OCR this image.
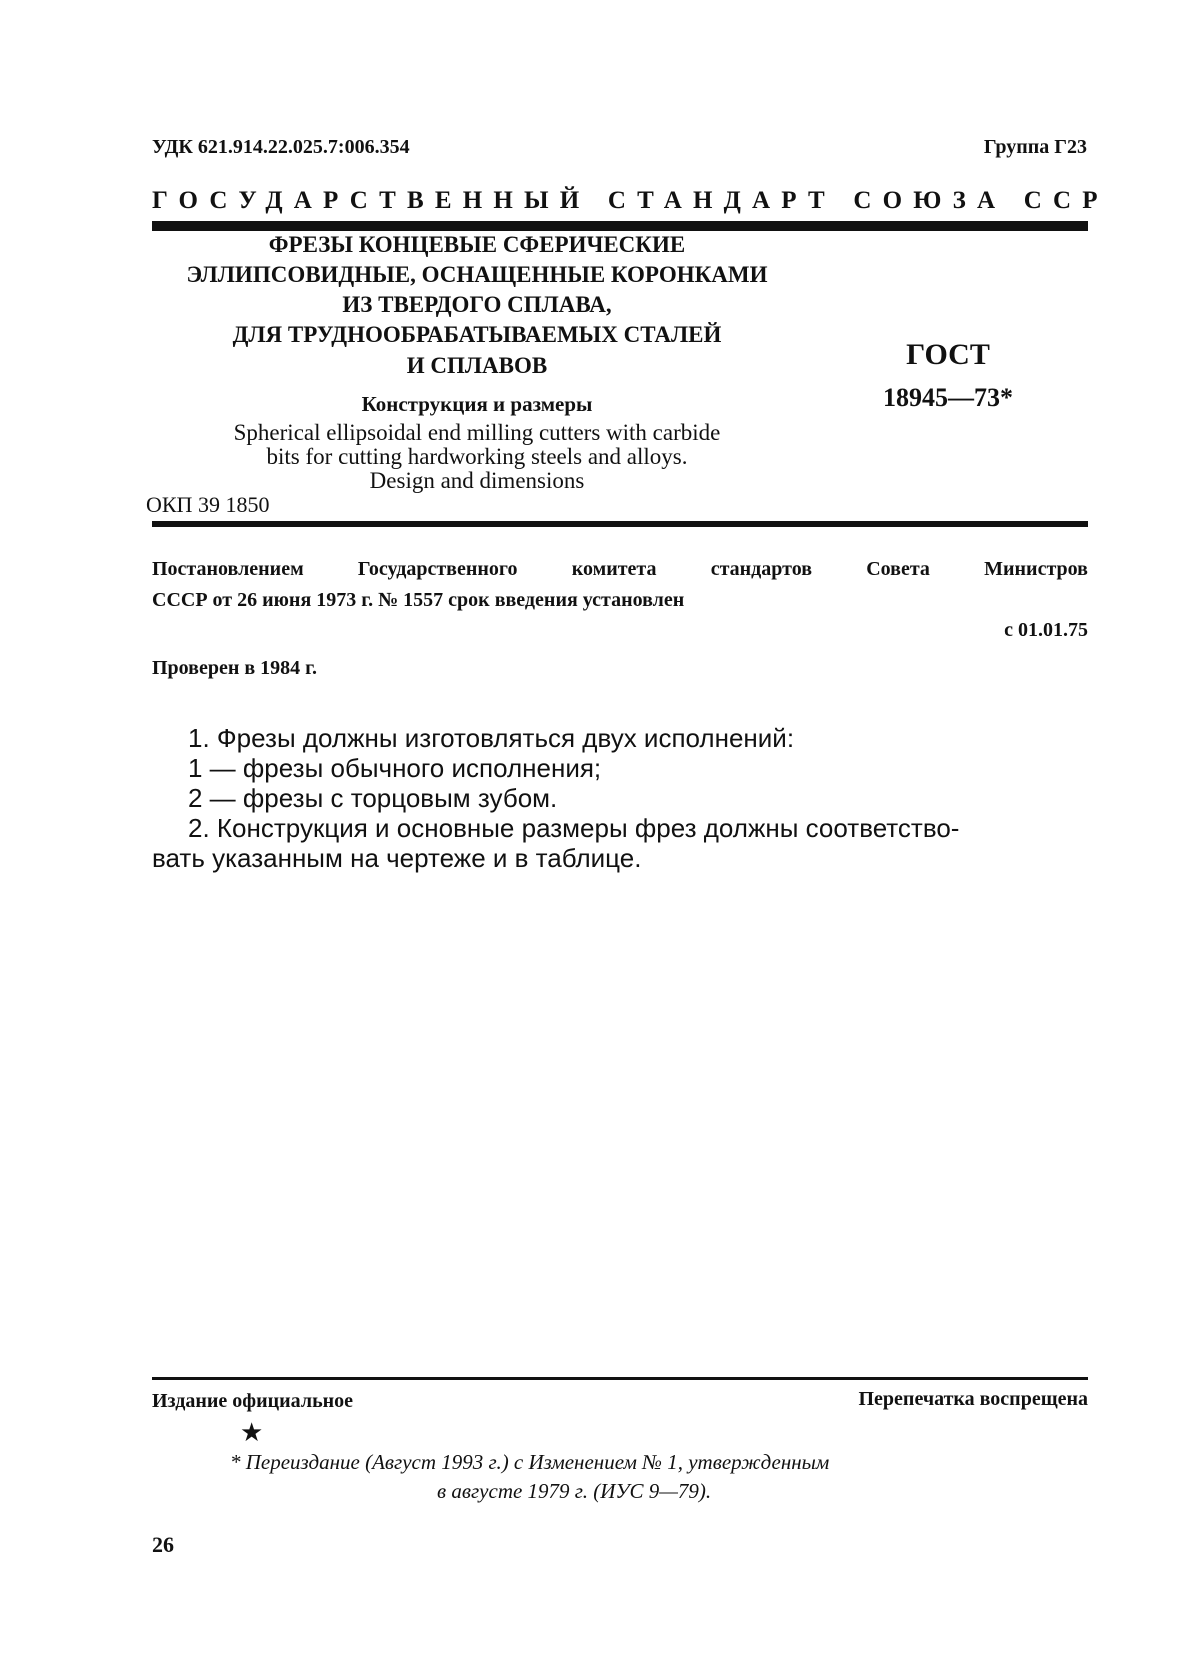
УДК 621.914.22.025.7:006.354	Группа Г23
ГОСУДАРСТВЕННЫЙ СТАНДАРТ СОЮЗА ССР
ФРЕЗЫ КОНЦЕВЫЕ СФЕРИЧЕСКИЕ
ЭЛЛИПСОВИДНЫЕ, ОСНАЩЕННЫЕ КОРОНКАМИ
ИЗ ТВЕРДОГО СПЛАВА,
ДЛЯ ТРУДНООБРАБАТЫВАЕМЫХ СТАЛЕЙ
И СПЛАВОВ
Конструкция и размеры
Spherical ellipsoidal end milling cutters with carbide
bits for cutting hardworking steels and alloys.
Design and dimensions
ОКП 39 1850
ГОСТ
18945—73*
Постановлением	Государственного	комитета	стандартов	Совета	Министров
СССР от 26 июня 1973 г. № 1557 срок введения установлен
с 01.01.75
Проверен в 1984 г.
1. Фрезы должны изготовляться двух исполнений:
1 — фрезы обычного исполнения;
2 — фрезы с торцовым зубом.
2. Конструкция и основные размеры фрез должны соответство-
вать указанным на чертеже и в таблице.
Издание официальное	Перепечатка воспрещена
★
* Переиздание (Август 1993 г.) с Изменением № 1, утвержденным
в августе 1979 г. (ИУС 9—79).
26
